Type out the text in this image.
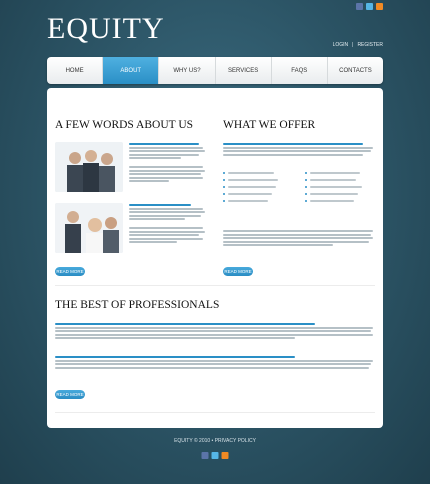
EQUITY	LOGIN | REGISTER
HOME	ABOUT	WHY US?	SERVICES	FAQS	CONTACTS
A FEW WORDS ABOUT US
READ MORE
WHAT WE OFFER
READ MORE
THE BEST OF PROFESSIONALS
READ MORE
EQUITY © 2010 • PRIVACY POLICY
